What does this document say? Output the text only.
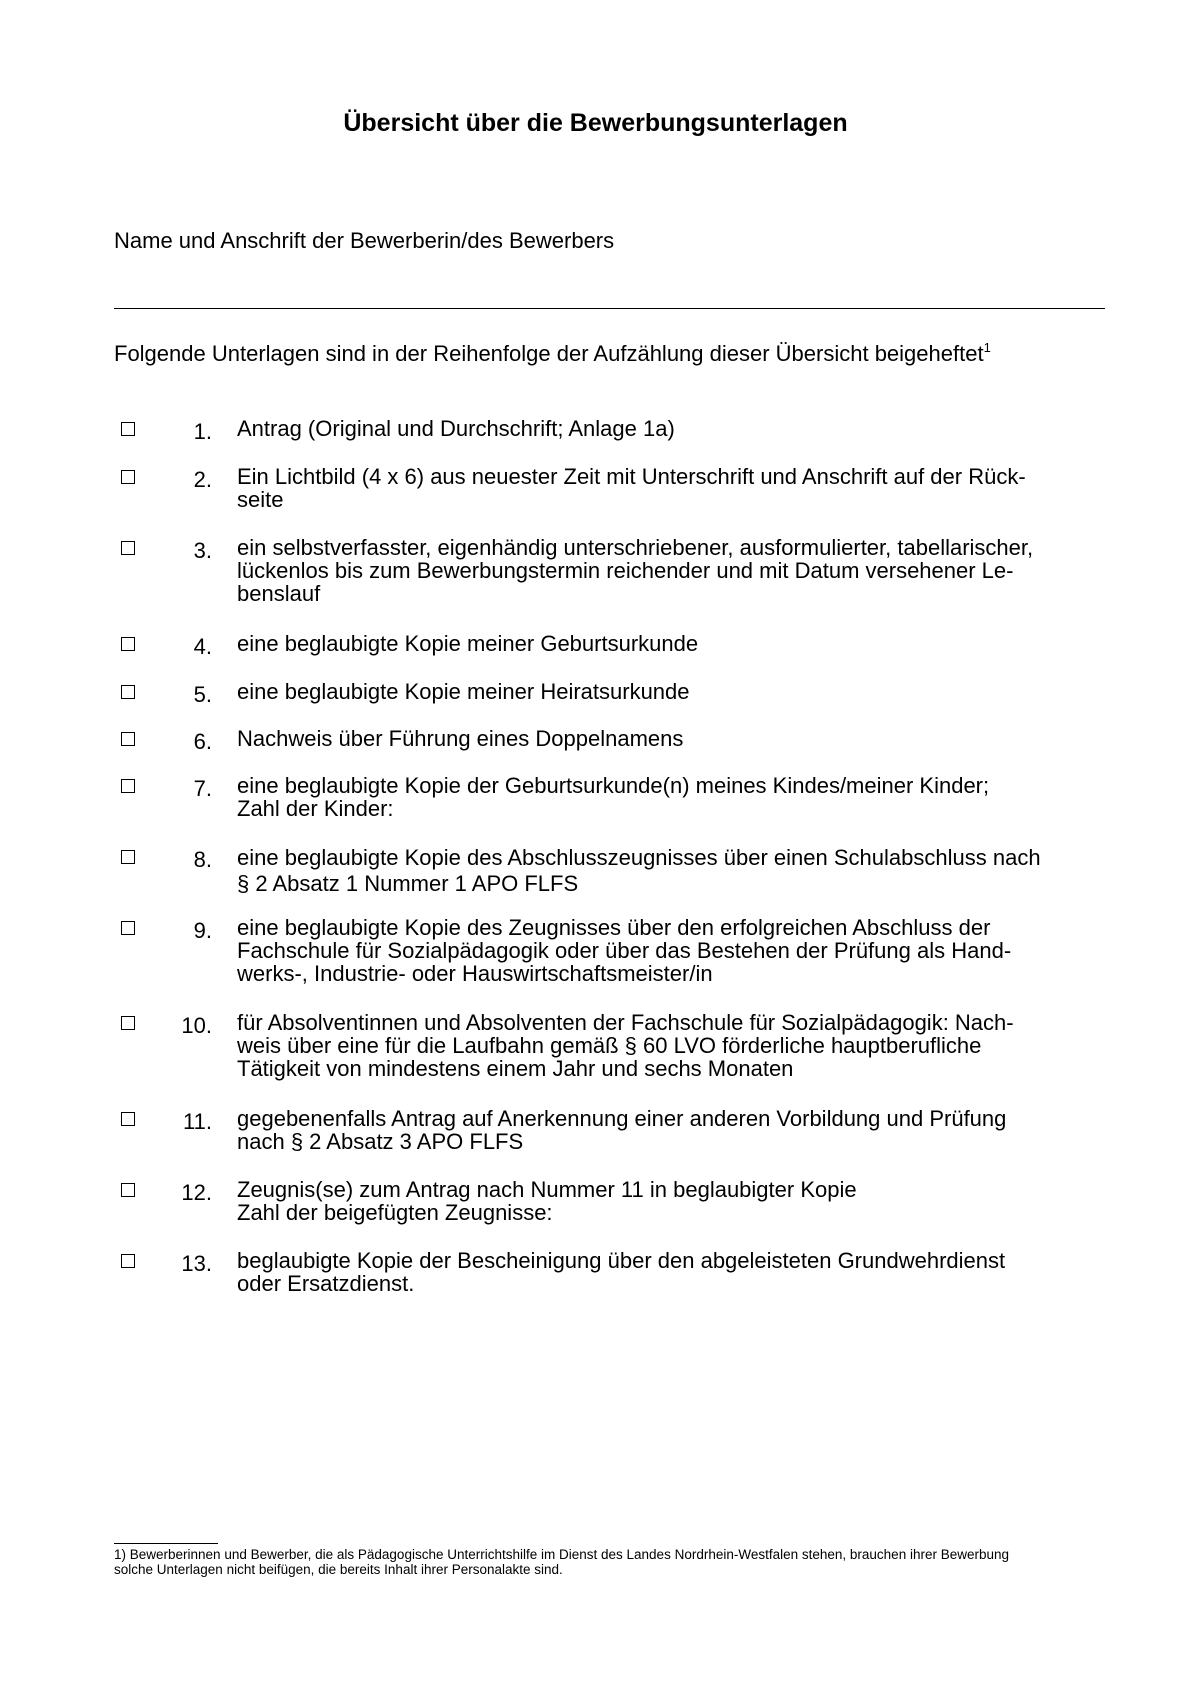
Übersicht über die Bewerbungsunterlagen
Name und Anschrift der Bewerberin/des Bewerbers
Folgende Unterlagen sind in der Reihenfolge der Aufzählung dieser Übersicht beigeheftet$^1$
1. Antrag (Original und Durchschrift; Anlage 1a)
2. Ein Lichtbild (4 x 6) aus neuester Zeit mit Unterschrift und Anschrift auf der Rück-
seite
3. ein selbstverfasster, eigenhändig unterschriebener, ausformulierter, tabellarischer,
lückenlos bis zum Bewerbungstermin reichender und mit Datum versehener Le-
benslauf
4. eine beglaubigte Kopie meiner Geburtsurkunde
5. eine beglaubigte Kopie meiner Heiratsurkunde
6. Nachweis über Führung eines Doppelnamens
7. eine beglaubigte Kopie der Geburtsurkunde(n) meines Kindes/meiner Kinder;
Zahl der Kinder:
8. eine beglaubigte Kopie des Abschlusszeugnisses über einen Schulabschluss nach
§ 2 Absatz 1 Nummer 1 APO FLFS
9. eine beglaubigte Kopie des Zeugnisses über den erfolgreichen Abschluss der
Fachschule für Sozialpädagogik oder über das Bestehen der Prüfung als Hand-
werks-, Industrie- oder Hauswirtschaftsmeister/in
10. für Absolventinnen und Absolventen der Fachschule für Sozialpädagogik: Nach-
weis über eine für die Laufbahn gemäß § 60 LVO förderliche hauptberufliche
Tätigkeit von mindestens einem Jahr und sechs Monaten
11. gegebenenfalls Antrag auf Anerkennung einer anderen Vorbildung und Prüfung
nach § 2 Absatz 3 APO FLFS
12. Zeugnis(se) zum Antrag nach Nummer 11 in beglaubigter Kopie
Zahl der beigefügten Zeugnisse:
13. beglaubigte Kopie der Bescheinigung über den abgeleisteten Grundwehrdienst
oder Ersatzdienst.
1) Bewerberinnen und Bewerber, die als Pädagogische Unterrichtshilfe im Dienst des Landes Nordrhein-Westfalen stehen, brauchen ihrer Bewerbung
solche Unterlagen nicht beifügen, die bereits Inhalt ihrer Personalakte sind.
